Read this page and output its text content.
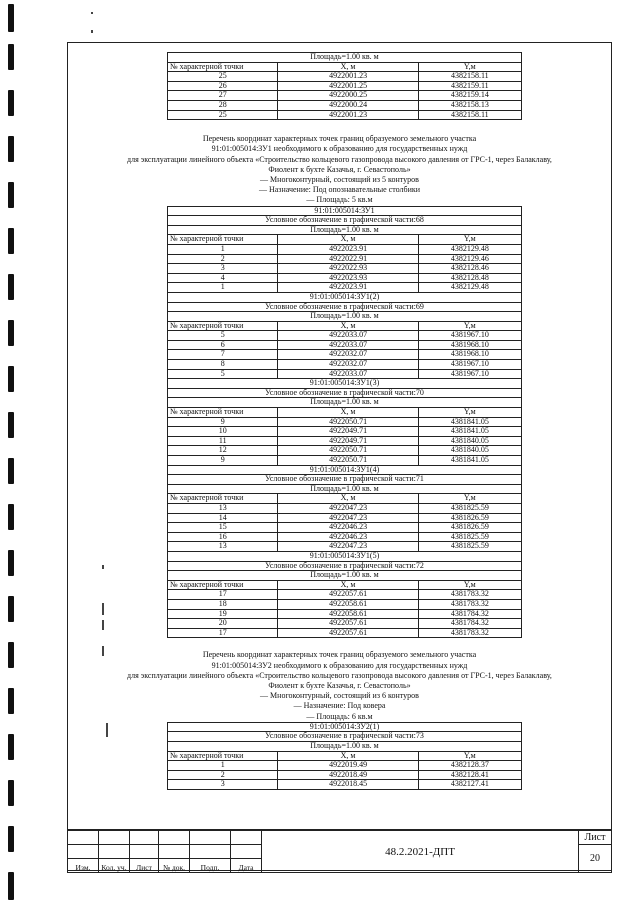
Площадь=1.00 кв. м		
№ характерной точки	X, м	Y,м
25	4922001.23	4382158.11
26	4922001.25	4382159.11
27	4922000.25	4382159.14
28	4922000.24	4382158.13
25	4922001.23	4382158.11
Перечень координат характерных точек границ образуемого земельного участка
91:01:005014:ЗУ1 необходимого к образованию для государственных нужд
для эксплуатации линейного объекта «Строительство кольцевого газопровода высокого давления от ГРС-1, через Балаклаву,
Фиолент к бухте Казачья, г. Севастополь»
— Многоконтурный, состоящий из 5 контуров
— Назначение: Под опознавательные столбики
— Площадь: 5 кв.м
91:01:005014:ЗУ1		
Условное обозначение в графической части:68		
Площадь=1.00 кв. м		
№ характерной точки	X, м	Y,м
1	4922023.91	4382129.48
2	4922022.91	4382129.46
3	4922022.93	4382128.46
4	4922023.93	4382128.48
1	4922023.91	4382129.48
91:01:005014:ЗУ1(2)		
Условное обозначение в графической части:69		
Площадь=1.00 кв. м		
№ характерной точки	X, м	Y,м
5	4922033.07	4381967.10
6	4922033.07	4381968.10
7	4922032.07	4381968.10
8	4922032.07	4381967.10
5	4922033.07	4381967.10
91:01:005014:ЗУ1(3)		
Условное обозначение в графической части:70		
Площадь=1.00 кв. м		
№ характерной точки	X, м	Y,м
9	4922050.71	4381841.05
10	4922049.71	4381841.05
11	4922049.71	4381840.05
12	4922050.71	4381840.05
9	4922050.71	4381841.05
91:01:005014:ЗУ1(4)		
Условное обозначение в графической части:71		
Площадь=1.00 кв. м		
№ характерной точки	X, м	Y,м
13	4922047.23	4381825.59
14	4922047.23	4381826.59
15	4922046.23	4381826.59
16	4922046.23	4381825.59
13	4922047.23	4381825.59
91:01:005014:ЗУ1(5)		
Условное обозначение в графической части:72		
Площадь=1.00 кв. м		
№ характерной точки	X, м	Y,м
17	4922057.61	4381783.32
18	4922058.61	4381783.32
19	4922058.61	4381784.32
20	4922057.61	4381784.32
17	4922057.61	4381783.32
Перечень координат характерных точек границ образуемого земельного участка
91:01:005014:ЗУ2 необходимого к образованию для государственных нужд
для эксплуатации линейного объекта «Строительство кольцевого газопровода высокого давления от ГРС-1, через Балаклаву,
Фиолент к бухте Казачья, г. Севастополь»
— Многоконтурный, состоящий из 6 контуров
— Назначение: Под ковера
— Площадь: 6 кв.м
91:01:005014:ЗУ2(1)		
Условное обозначение в графической части:73		
Площадь=1.00 кв. м		
№ характерной точки	X, м	Y,м
1	4922019.49	4382128.37
2	4922018.49	4382128.41
3	4922018.45	4382127.41
						48.2.2021-ДПТ	Лист
							20
Изм.	Кол. уч.	Лист	№ док.	Подп.	Дата		
